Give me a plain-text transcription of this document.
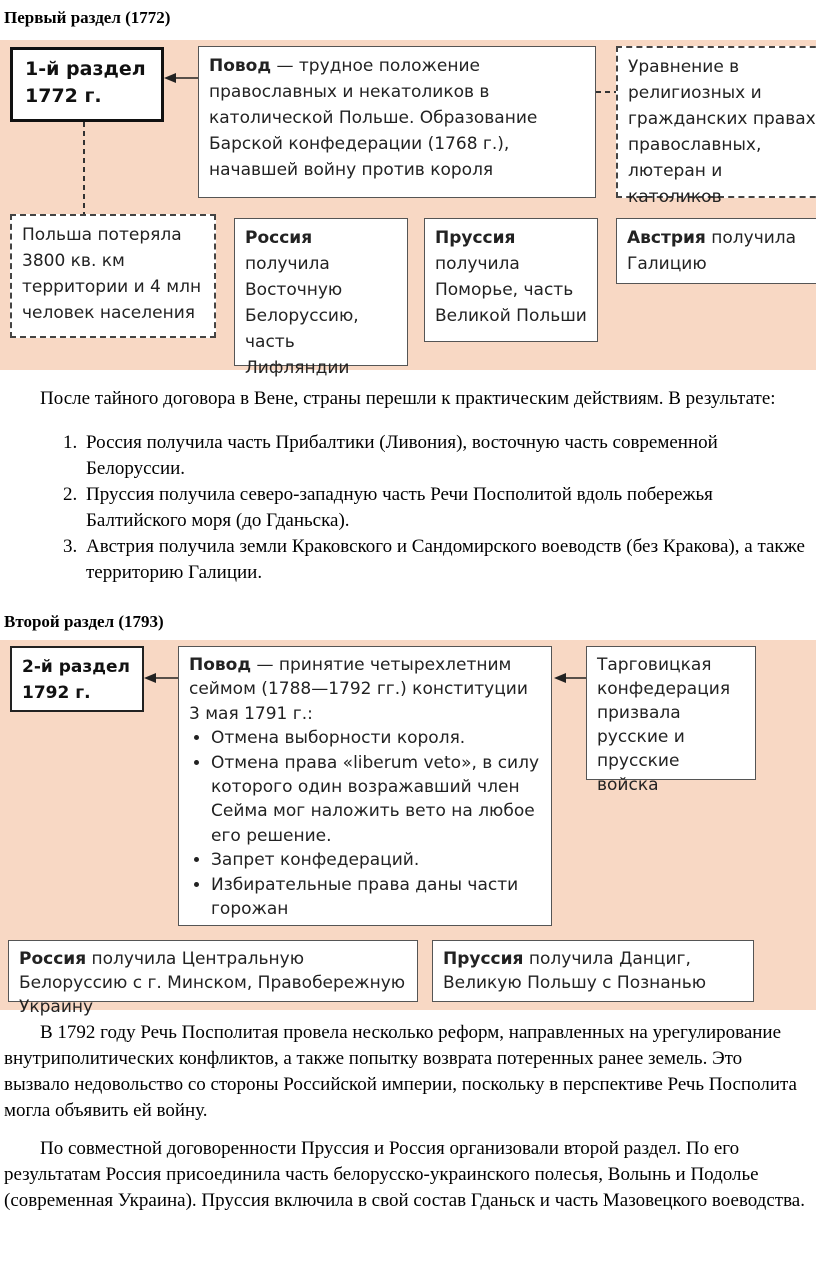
Первый раздел (1772)
1-й раздел 1772 г.
Повод — трудное положение православных и некатоликов в католической Польше. Образование Барской конфедерации (1768 г.), начавшей войну против короля
Уравнение в религиозных и гражданских правах православных, лютеран и католиков
Польша потеряла 3800 кв. км территории и 4 млн человек населения
Россия получила Восточную Белоруссию, часть Лифляндии
Пруссия получила Поморье, часть Великой Польши
Австрия получила Галицию

После тайного договора в Вене, страны перешли к практическим действиям. В результате:

1. Россия получила часть Прибалтики (Ливония), восточную часть современной Белоруссии.
2. Пруссия получила северо-западную часть Речи Посполитой вдоль побережья Балтийского моря (до Гданьска).
3. Австрия получила земли Краковского и Сандомирского воеводств (без Кракова), а также территорию Галиции.
Второй раздел (1793)
2-й раздел 1792 г.
Повод — принятие четырехлетним сеймом (1788—1792 гг.) конституции 3 мая 1791 г.:
• Отмена выборности короля.
• Отмена права «liberum veto», в силу которого один возражавший член Сейма мог наложить вето на любое его решение.
• Запрет конфедераций.
• Избирательные права даны части горожан
Тарговицкая конфедерация призвала русские и прусские войска
Россия получила Центральную Белоруссию с г. Минском, Правобережную Украину
Пруссия получила Данциг, Великую Польшу с Познанью

В 1792 году Речь Посполитая провела несколько реформ, направленных на урегулирование внутриполитических конфликтов, а также попытку возврата потеренных ранее земель. Это вызвало недовольство со стороны Российской империи, поскольку в перспективе Речь Посполита могла объявить ей войну.

По совместной договоренности Пруссия и Россия организовали второй раздел. По его результатам Россия присоединила часть белорусско-украинского полесья, Волынь и Подолье (современная Украина). Пруссия включила в свой состав Гданьск и часть Мазовецкого воеводства.
